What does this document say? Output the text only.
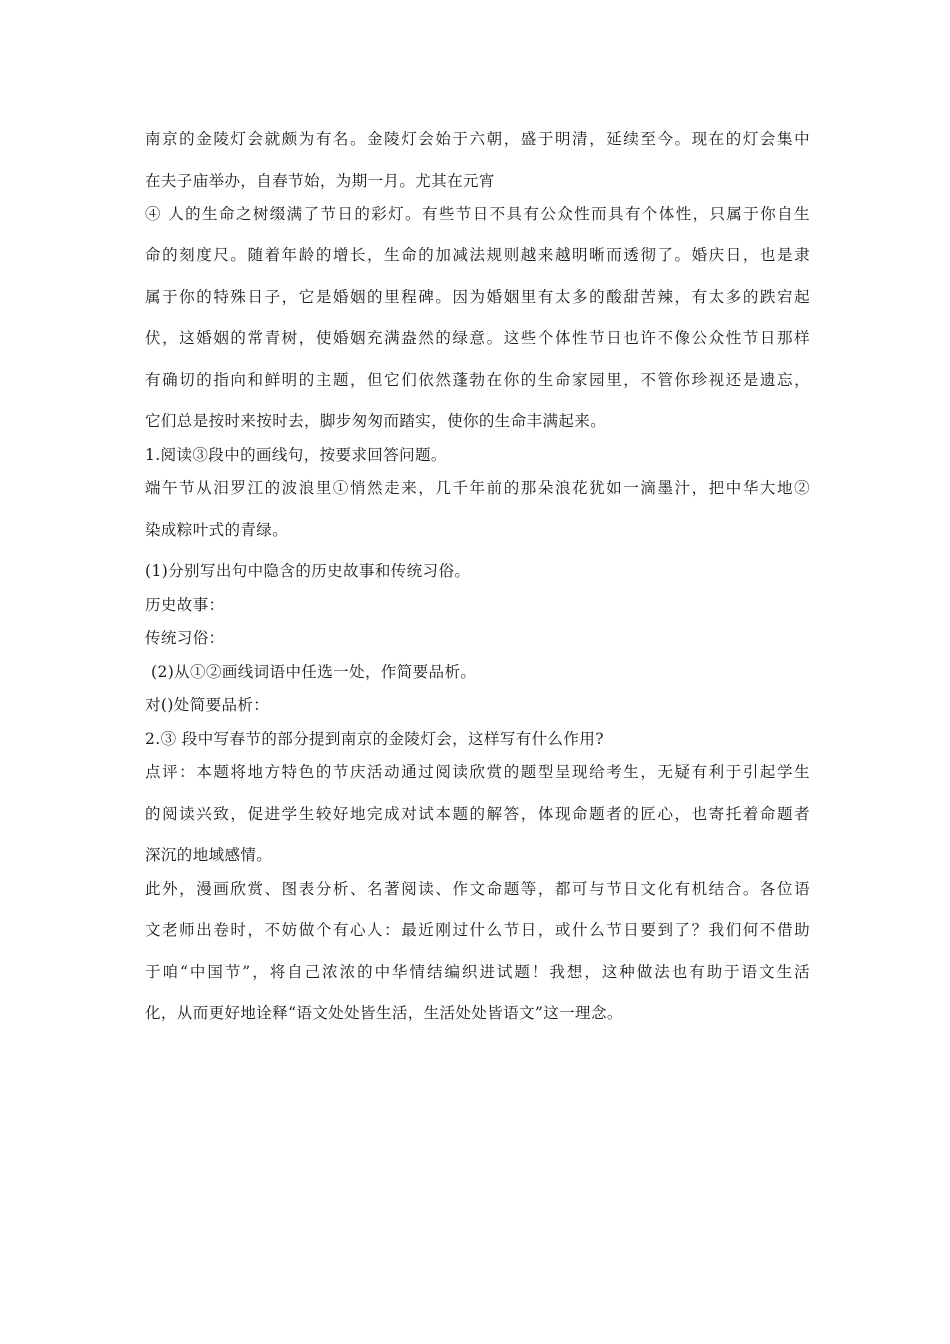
南京的金陵灯会就颇为有名。金陵灯会始于六朝，盛于明清，延续至今。现在的灯会集中
在夫子庙举办，自春节始，为期一月。尤其在元宵
④ 人的生命之树缀满了节日的彩灯。有些节日不具有公众性而具有个体性，只属于你自生
命的刻度尺。随着年龄的增长，生命的加减法规则越来越明晰而透彻了。婚庆日，也是隶
属于你的特殊日子，它是婚姻的里程碑。因为婚姻里有太多的酸甜苦辣，有太多的跌宕起
伏，这婚姻的常青树，使婚姻充满盎然的绿意。这些个体性节日也许不像公众性节日那样
有确切的指向和鲜明的主题，但它们依然蓬勃在你的生命家园里，不管你珍视还是遗忘，
它们总是按时来按时去，脚步匆匆而踏实，使你的生命丰满起来。
1.阅读③段中的画线句，按要求回答问题。
端午节从汨罗江的波浪里①悄然走来，几千年前的那朵浪花犹如一滴墨汁，把中华大地②
染成粽叶式的青绿。
(1)分别写出句中隐含的历史故事和传统习俗。
历史故事：
传统习俗：
(2)从①②画线词语中任选一处，作简要品析。
对()处简要品析：
2.③ 段中写春节的部分提到南京的金陵灯会，这样写有什么作用?
点评：本题将地方特色的节庆活动通过阅读欣赏的题型呈现给考生，无疑有利于引起学生
的阅读兴致，促进学生较好地完成对试本题的解答，体现命题者的匠心，也寄托着命题者
深沉的地域感情。
此外，漫画欣赏、图表分析、名著阅读、作文命题等，都可与节日文化有机结合。各位语
文老师出卷时，不妨做个有心人：最近刚过什么节日，或什么节日要到了？我们何不借助
于咱“中国节”，将自己浓浓的中华情结编织进试题！我想，这种做法也有助于语文生活
化，从而更好地诠释“语文处处皆生活，生活处处皆语文”这一理念。
